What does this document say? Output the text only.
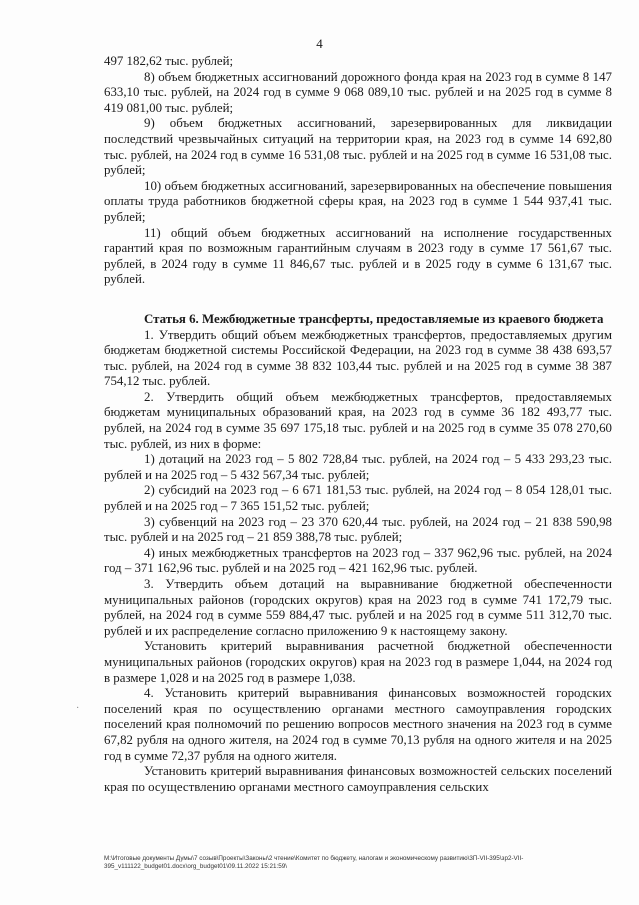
4

497 182,62 тыс. рублей;

8) объем бюджетных ассигнований дорожного фонда края на 2023 год в сумме 8 147 633,10 тыс. рублей, на 2024 год в сумме 9 068 089,10 тыс. рублей и на 2025 год в сумме 8 419 081,00 тыс. рублей;

9) объем бюджетных ассигнований, зарезервированных для ликвидации последствий чрезвычайных ситуаций на территории края, на 2023 год в сумме 14 692,80 тыс. рублей, на 2024 год в сумме 16 531,08 тыс. рублей и на 2025 год в сумме 16 531,08 тыс. рублей;

10) объем бюджетных ассигнований, зарезервированных на обеспечение повышения оплаты труда работников бюджетной сферы края, на 2023 год в сумме 1 544 937,41 тыс. рублей;

11) общий объем бюджетных ассигнований на исполнение государственных гарантий края по возможным гарантийным случаям в 2023 году в сумме 17 561,67 тыс. рублей, в 2024 году в сумме 11 846,67 тыс. рублей и в 2025 году в сумме 6 131,67 тыс. рублей.

Статья 6. Межбюджетные трансферты, предоставляемые из краевого бюджета

1. Утвердить общий объем межбюджетных трансфертов, предоставляемых другим бюджетам бюджетной системы Российской Федерации, на 2023 год в сумме 38 438 693,57 тыс. рублей, на 2024 год в сумме 38 832 103,44 тыс. рублей и на 2025 год в сумме 38 387 754,12 тыс. рублей.

2. Утвердить общий объем межбюджетных трансфертов, предоставляемых бюджетам муниципальных образований края, на 2023 год в сумме 36 182 493,77 тыс. рублей, на 2024 год в сумме 35 697 175,18 тыс. рублей и на 2025 год в сумме 35 078 270,60 тыс. рублей, из них в форме:

1) дотаций на 2023 год – 5 802 728,84 тыс. рублей, на 2024 год – 5 433 293,23 тыс. рублей и на 2025 год – 5 432 567,34 тыс. рублей;

2) субсидий на 2023 год – 6 671 181,53 тыс. рублей, на 2024 год – 8 054 128,01 тыс. рублей и на 2025 год – 7 365 151,52 тыс. рублей;

3) субвенций на 2023 год – 23 370 620,44 тыс. рублей, на 2024 год – 21 838 590,98 тыс. рублей и на 2025 год – 21 859 388,78 тыс. рублей;

4) иных межбюджетных трансфертов на 2023 год – 337 962,96 тыс. рублей, на 2024 год – 371 162,96 тыс. рублей и на 2025 год – 421 162,96 тыс. рублей.

3. Утвердить объем дотаций на выравнивание бюджетной обеспеченности муниципальных районов (городских округов) края на 2023 год в сумме 741 172,79 тыс. рублей, на 2024 год в сумме 559 884,47 тыс. рублей и на 2025 год в сумме 511 312,70 тыс. рублей и их распределение согласно приложению 9 к настоящему закону.

Установить критерий выравнивания расчетной бюджетной обеспеченности муниципальных районов (городских округов) края на 2023 год в размере 1,044, на 2024 год в размере 1,028 и на 2025 год в размере 1,038.

4. Установить критерий выравнивания финансовых возможностей городских поселений края по осуществлению органами местного самоуправления городских поселений края полномочий по решению вопросов местного значения на 2023 год в сумме 67,82 рубля на одного жителя, на 2024 год в сумме 70,13 рубля на одного жителя и на 2025 год в сумме 72,37 рубля на одного жителя.

Установить критерий выравнивания финансовых возможностей сельских поселений края по осуществлению органами местного самоуправления сельских

·
М:\Итоговые документы Думы\7 созыв\Проекты\Законы\2 чтение\Комитет по бюджету, налогам и экономическому развитию\3П-VII-395\зр2-VII-395_v111122_budget01.docx\org_budget01\09.11.2022 15:21:59\
